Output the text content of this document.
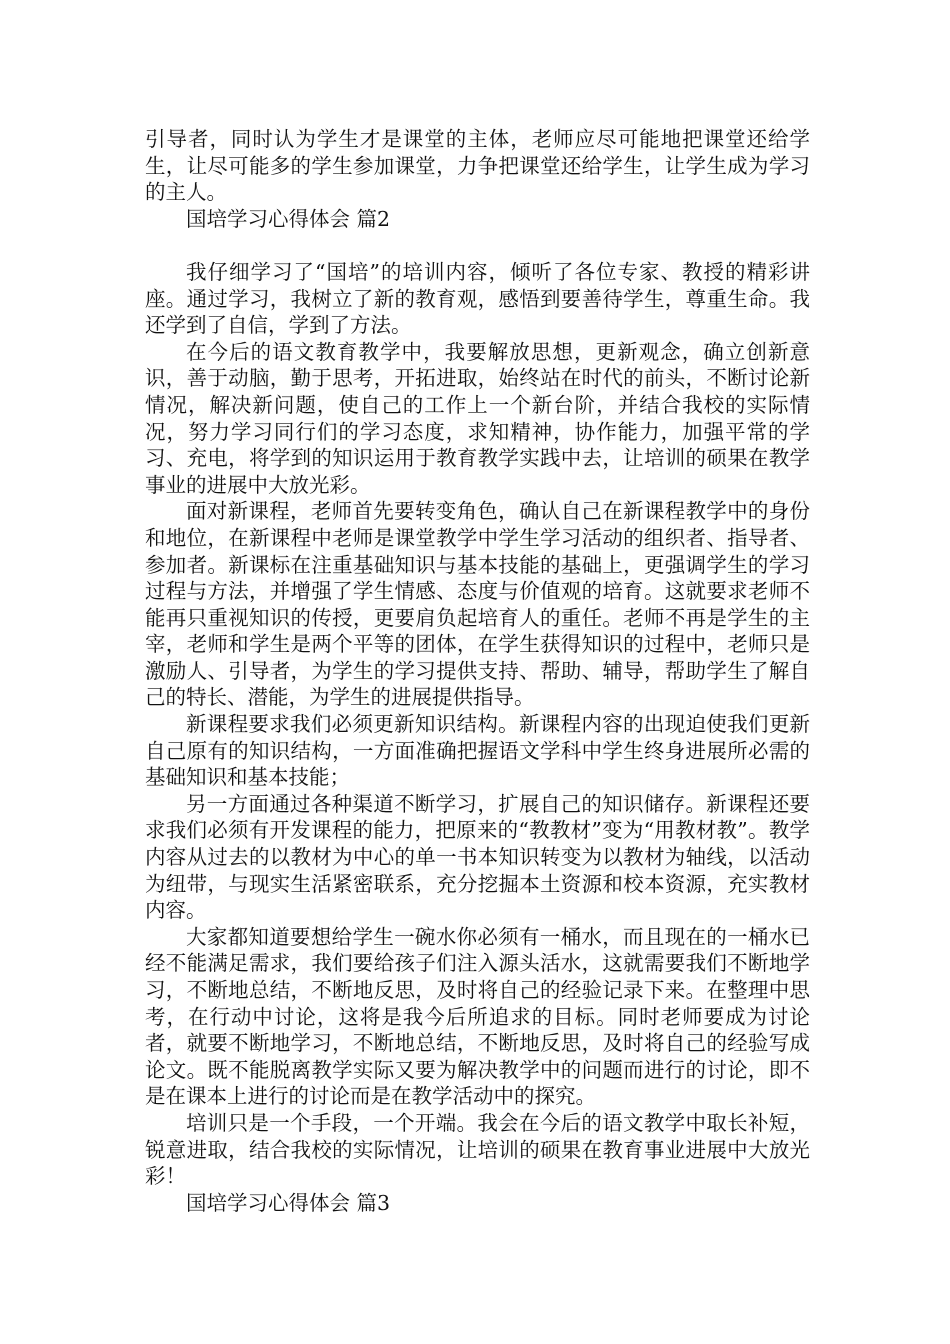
引导者，同时认为学生才是课堂的主体，老师应尽可能地把课堂还给学生，让尽可能多的学生参加课堂，力争把课堂还给学生，让学生成为学习的主人。

国培学习心得体会 篇2

我仔细学习了“国培”的培训内容，倾听了各位专家、教授的精彩讲座。通过学习，我树立了新的教育观，感悟到要善待学生，尊重生命。我还学到了自信，学到了方法。

在今后的语文教育教学中，我要解放思想，更新观念，确立创新意识，善于动脑，勤于思考，开拓进取，始终站在时代的前头，不断讨论新情况，解决新问题，使自己的工作上一个新台阶，并结合我校的实际情况，努力学习同行们的学习态度，求知精神，协作能力，加强平常的学习、充电，将学到的知识运用于教育教学实践中去，让培训的硕果在教学事业的进展中大放光彩。

面对新课程，老师首先要转变角色，确认自己在新课程教学中的身份和地位，在新课程中老师是课堂教学中学生学习活动的组织者、指导者、参加者。新课标在注重基础知识与基本技能的基础上，更强调学生的学习过程与方法，并增强了学生情感、态度与价值观的培育。这就要求老师不能再只重视知识的传授，更要肩负起培育人的重任。老师不再是学生的主宰，老师和学生是两个平等的团体，在学生获得知识的过程中，老师只是激励人、引导者，为学生的学习提供支持、帮助、辅导，帮助学生了解自己的特长、潜能，为学生的进展提供指导。

新课程要求我们必须更新知识结构。新课程内容的出现迫使我们更新自己原有的知识结构，一方面准确把握语文学科中学生终身进展所必需的基础知识和基本技能；

另一方面通过各种渠道不断学习，扩展自己的知识储存。新课程还要求我们必须有开发课程的能力，把原来的“教教材”变为“用教材教”。教学内容从过去的以教材为中心的单一书本知识转变为以教材为轴线，以活动为纽带，与现实生活紧密联系，充分挖掘本土资源和校本资源，充实教材内容。

大家都知道要想给学生一碗水你必须有一桶水，而且现在的一桶水已经不能满足需求，我们要给孩子们注入源头活水，这就需要我们不断地学习，不断地总结，不断地反思，及时将自己的经验记录下来。在整理中思考，在行动中讨论，这将是我今后所追求的目标。同时老师要成为讨论者，就要不断地学习，不断地总结，不断地反思，及时将自己的经验写成论文。既不能脱离教学实际又要为解决教学中的问题而进行的讨论，即不是在课本上进行的讨论而是在教学活动中的探究。

培训只是一个手段，一个开端。我会在今后的语文教学中取长补短，锐意进取，结合我校的实际情况，让培训的硕果在教育事业进展中大放光彩！

国培学习心得体会 篇3
